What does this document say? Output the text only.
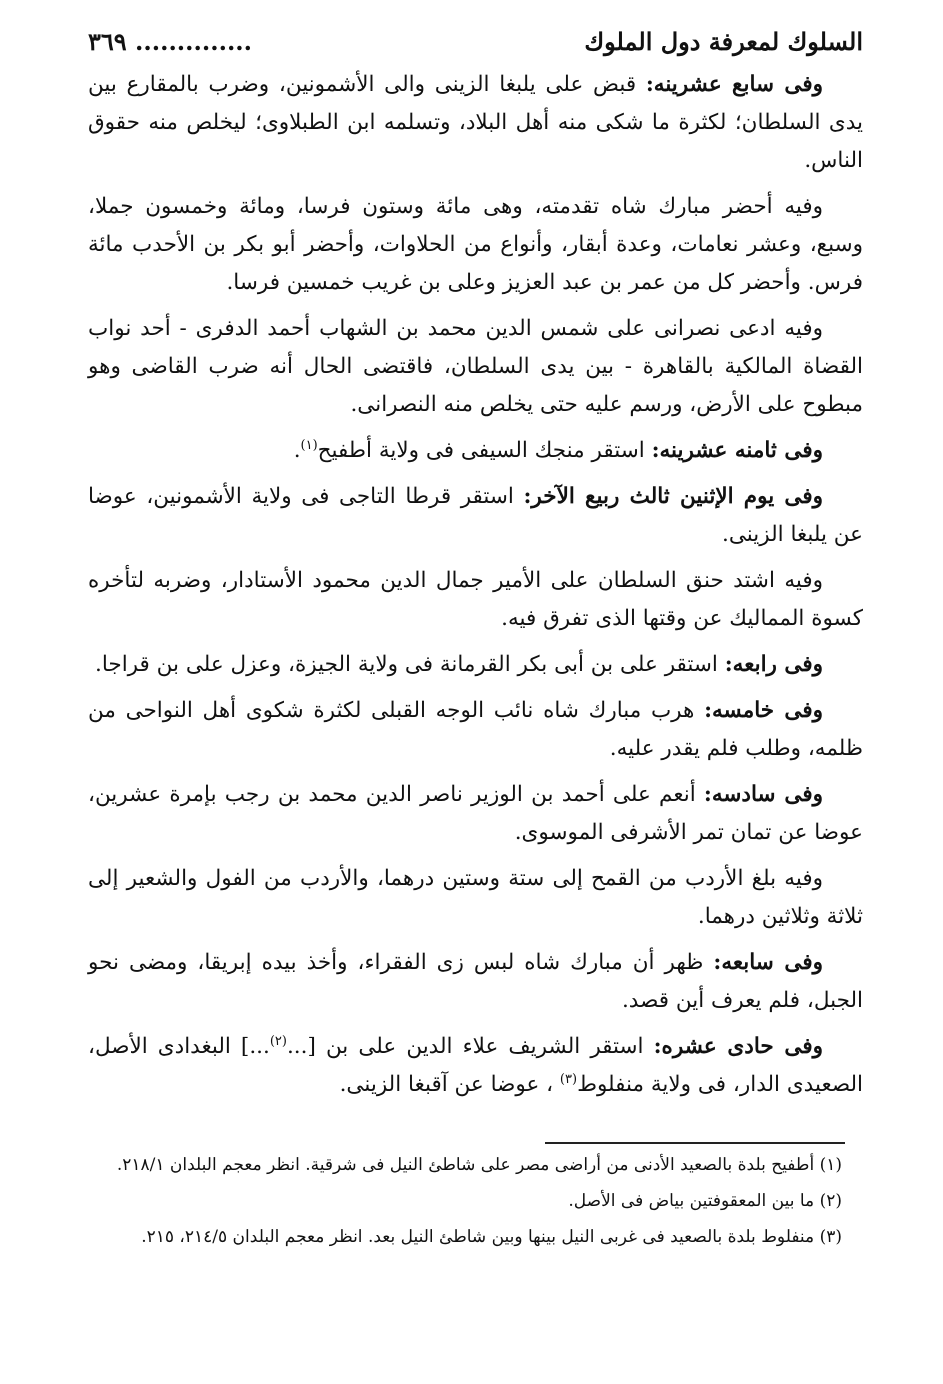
السلوك لمعرفة دول الملوك
.............. ٣٦٩

وفى سابع عشرينه: قبض على يلبغا الزينى والى الأشمونين، وضرب بالمقارع بين يدى السلطان؛ لكثرة ما شكى منه أهل البلاد، وتسلمه ابن الطبلاوى؛ ليخلص منه حقوق الناس.

وفيه أحضر مبارك شاه تقدمته، وهى مائة وستون فرسا، ومائة وخمسون جملا، وسبع، وعشر نعامات، وعدة أبقار، وأنواع من الحلاوات، وأحضر أبو بكر بن الأحدب مائة فرس. وأحضر كل من عمر بن عبد العزيز وعلى بن غريب خمسين فرسا.

وفيه ادعى نصرانى على شمس الدين محمد بن الشهاب أحمد الدفرى - أحد نواب القضاة المالكية بالقاهرة - بين يدى السلطان، فاقتضى الحال أنه ضرب القاضى وهو مبطوح على الأرض، ورسم عليه حتى يخلص منه النصرانى.

وفى ثامنه عشرينه: استقر منجك السيفى فى ولاية أطفيح$^{(١)}$.

وفى يوم الإثنين ثالث ربيع الآخر: استقر قرطا التاجى فى ولاية الأشمونين، عوضا عن يلبغا الزينى.

وفيه اشتد حنق السلطان على الأمير جمال الدين محمود الأستادار، وضربه لتأخره كسوة المماليك عن وقتها الذى تفرق فيه.

وفى رابعه: استقر على بن أبى بكر القرمانة فى ولاية الجيزة، وعزل على بن قراجا.

وفى خامسه: هرب مبارك شاه نائب الوجه القبلى لكثرة شكوى أهل النواحى من ظلمه، وطلب فلم يقدر عليه.

وفى سادسه: أنعم على أحمد بن الوزير ناصر الدين محمد بن رجب بإمرة عشرين، عوضا عن تمان تمر الأشرفى الموسوى.

وفيه بلغ الأردب من القمح إلى ستة وستين درهما، والأردب من الفول والشعير إلى ثلاثة وثلاثين درهما.

وفى سابعه: ظهر أن مبارك شاه لبس زى الفقراء، وأخذ بيده إبريقا، ومضى نحو الجبل، فلم يعرف أين قصد.

وفى حادى عشره: استقر الشريف علاء الدين على بن [...$^{(٢)}$...] البغدادى الأصل، الصعيدى الدار، فى ولاية منفلوط$^{(٣)}$ ، عوضا عن آقبغا الزينى.

(١) أطفيح بلدة بالصعيد الأدنى من أراضى مصر على شاطئ النيل فى شرقية. انظر معجم البلدان ٢١٨/١.

(٢) ما بين المعقوفتين بياض فى الأصل.

(٣) منفلوط بلدة بالصعيد فى غربى النيل بينها وبين شاطئ النيل بعد. انظر معجم البلدان ٢١٤/٥، ٢١٥.
